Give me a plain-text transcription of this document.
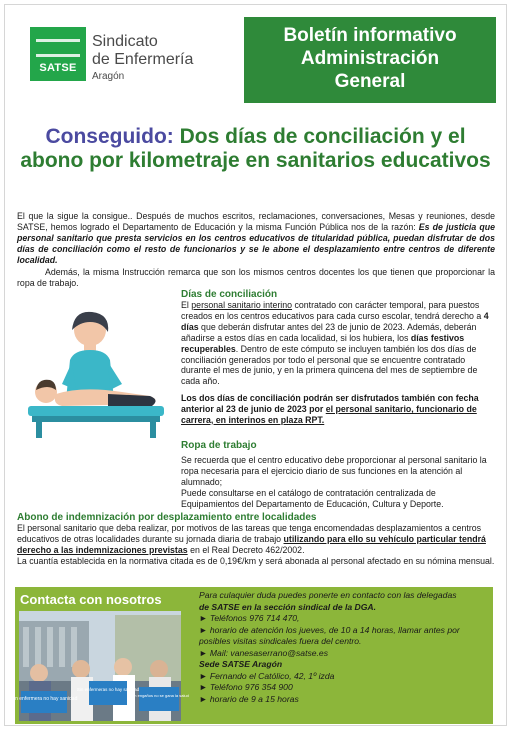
SATSE
Sindicato
de Enfermería
Aragón
Boletín informativo
Administración
General
Conseguido: Dos días de conciliación y el abono por kilometraje en sanitarios educativos
El que la sigue la consigue.. Después de muchos escritos, reclamaciones, conversaciones, Mesas y reuniones, desde SATSE, hemos logrado el Departamento de Educación y la misma Función Pública nos de la razón: Es de justicia que personal sanitario que presta servicios en los centros educativos de titularidad pública, puedan disfrutar de dos días de conciliación como el resto de funcionarios y se le abone el desplazamiento entre centros de diferente localidad.
Además, la misma Instrucción remarca que son los mismos centros docentes los que tienen que proporcionar la ropa de trabajo.
Días de conciliación
El personal sanitario interino contratado con carácter temporal, para puestos creados en los centros educativos para cada curso escolar, tendrá derecho a 4 días que deberán disfrutar antes del 23 de junio de 2023. Además, deberán añadirse a estos días en cada localidad, si los hubiera, los días festivos recuperables. Dentro de este cómputo se incluyen también los dos días de conciliación generados por todo el personal que se encuentre contratado durante el mes de junio, y en la primera quincena del mes de septiembre de cada año.
Los dos días de conciliación podrán ser disfrutados también con fecha anterior al 23 de junio de 2023 por el personal sanitario, funcionario de carrera, en interinos en plaza RPT.
Ropa de trabajo
Se recuerda que el centro educativo debe proporcionar al personal sanitario la ropa necesaria para el ejercicio diario de sus funciones en la atención al alumnado;
Puede consultarse en el catálogo de contratación centralizada de Equipamientos del Departamento de Educación, Cultura y Deporte.
Abono de indemnización por desplazamiento entre localidades
El personal sanitario que deba realizar, por motivos de las tareas que tenga encomendadas desplazamientos a centros educativos de otras localidades durante su jornada diaria de trabajo utilizando para ello su vehículo particular tendrá derecho a las indemnizaciones previstas en el Real Decreto 462/2002.
La cuantía establecida en la normativa citada es de 0,19€/km y será abonada al personal afectado en su nómina mensual.
Contacta con nosotros
Sin enfermera no hay sanidad
Sin enfermeras no hay sanidad
Con engaños no se gana la salud
Para culaquier duda puedes ponerte en contacto con las delegadas
de SATSE en la sección sindical de la DGA.
► Teléfonos 976 714 470,
► horario de atención los jueves, de 10 a 14 horas, llamar antes por posibles visitas sindicales fuera del centro.
► Mail: vanesaserrano@satse.es
Sede SATSE Aragón
► Fernando el Católico, 42, 1º izda
► Teléfono 976 354 900
► horario de 9 a 15 horas
